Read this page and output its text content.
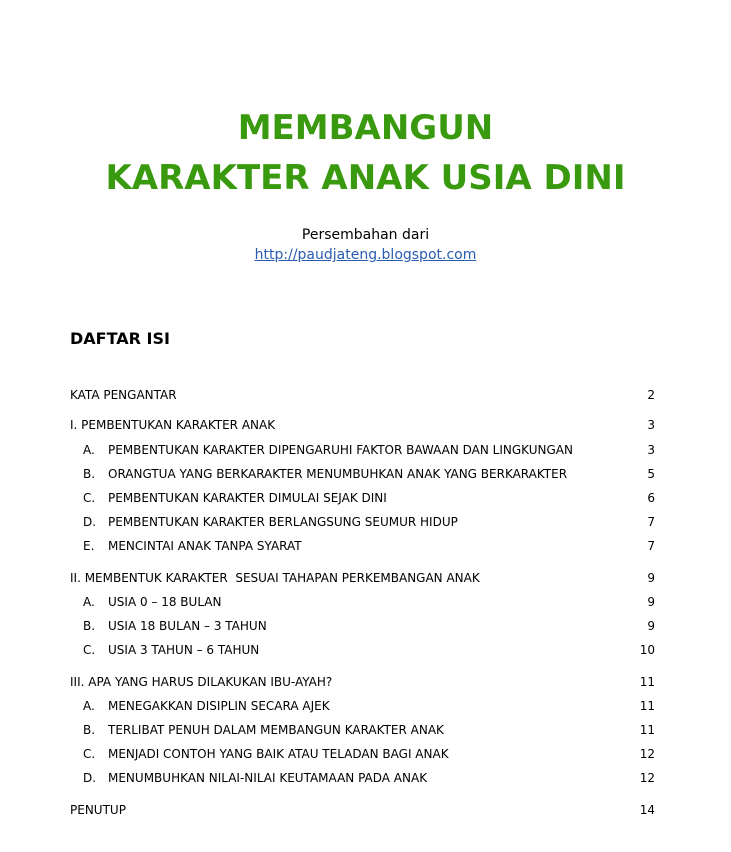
MEMBANGUN
KARAKTER ANAK USIA DINI
Persembahan dari
http://paudjateng.blogspot.com
DAFTAR ISI
KATA PENGANTAR	2
I. PEMBENTUKAN KARAKTER ANAK	3
A. PEMBENTUKAN KARAKTER DIPENGARUHI FAKTOR BAWAAN DAN LINGKUNGAN	3
B. ORANGTUA YANG BERKARAKTER MENUMBUHKAN ANAK YANG BERKARAKTER	5
C. PEMBENTUKAN KARAKTER DIMULAI SEJAK DINI	6
D. PEMBENTUKAN KARAKTER BERLANGSUNG SEUMUR HIDUP	7
E. MENCINTAI ANAK TANPA SYARAT	7
II. MEMBENTUK KARAKTER  SESUAI TAHAPAN PERKEMBANGAN ANAK	9
A. USIA 0 – 18 BULAN	9
B. USIA 18 BULAN – 3 TAHUN	9
C. USIA 3 TAHUN – 6 TAHUN	10
III. APA YANG HARUS DILAKUKAN IBU-AYAH?	11
A. MENEGAKKAN DISIPLIN SECARA AJEK	11
B. TERLIBAT PENUH DALAM MEMBANGUN KARAKTER ANAK	11
C. MENJADI CONTOH YANG BAIK ATAU TELADAN BAGI ANAK	12
D. MENUMBUHKAN NILAI-NILAI KEUTAMAAN PADA ANAK	12
PENUTUP	14
